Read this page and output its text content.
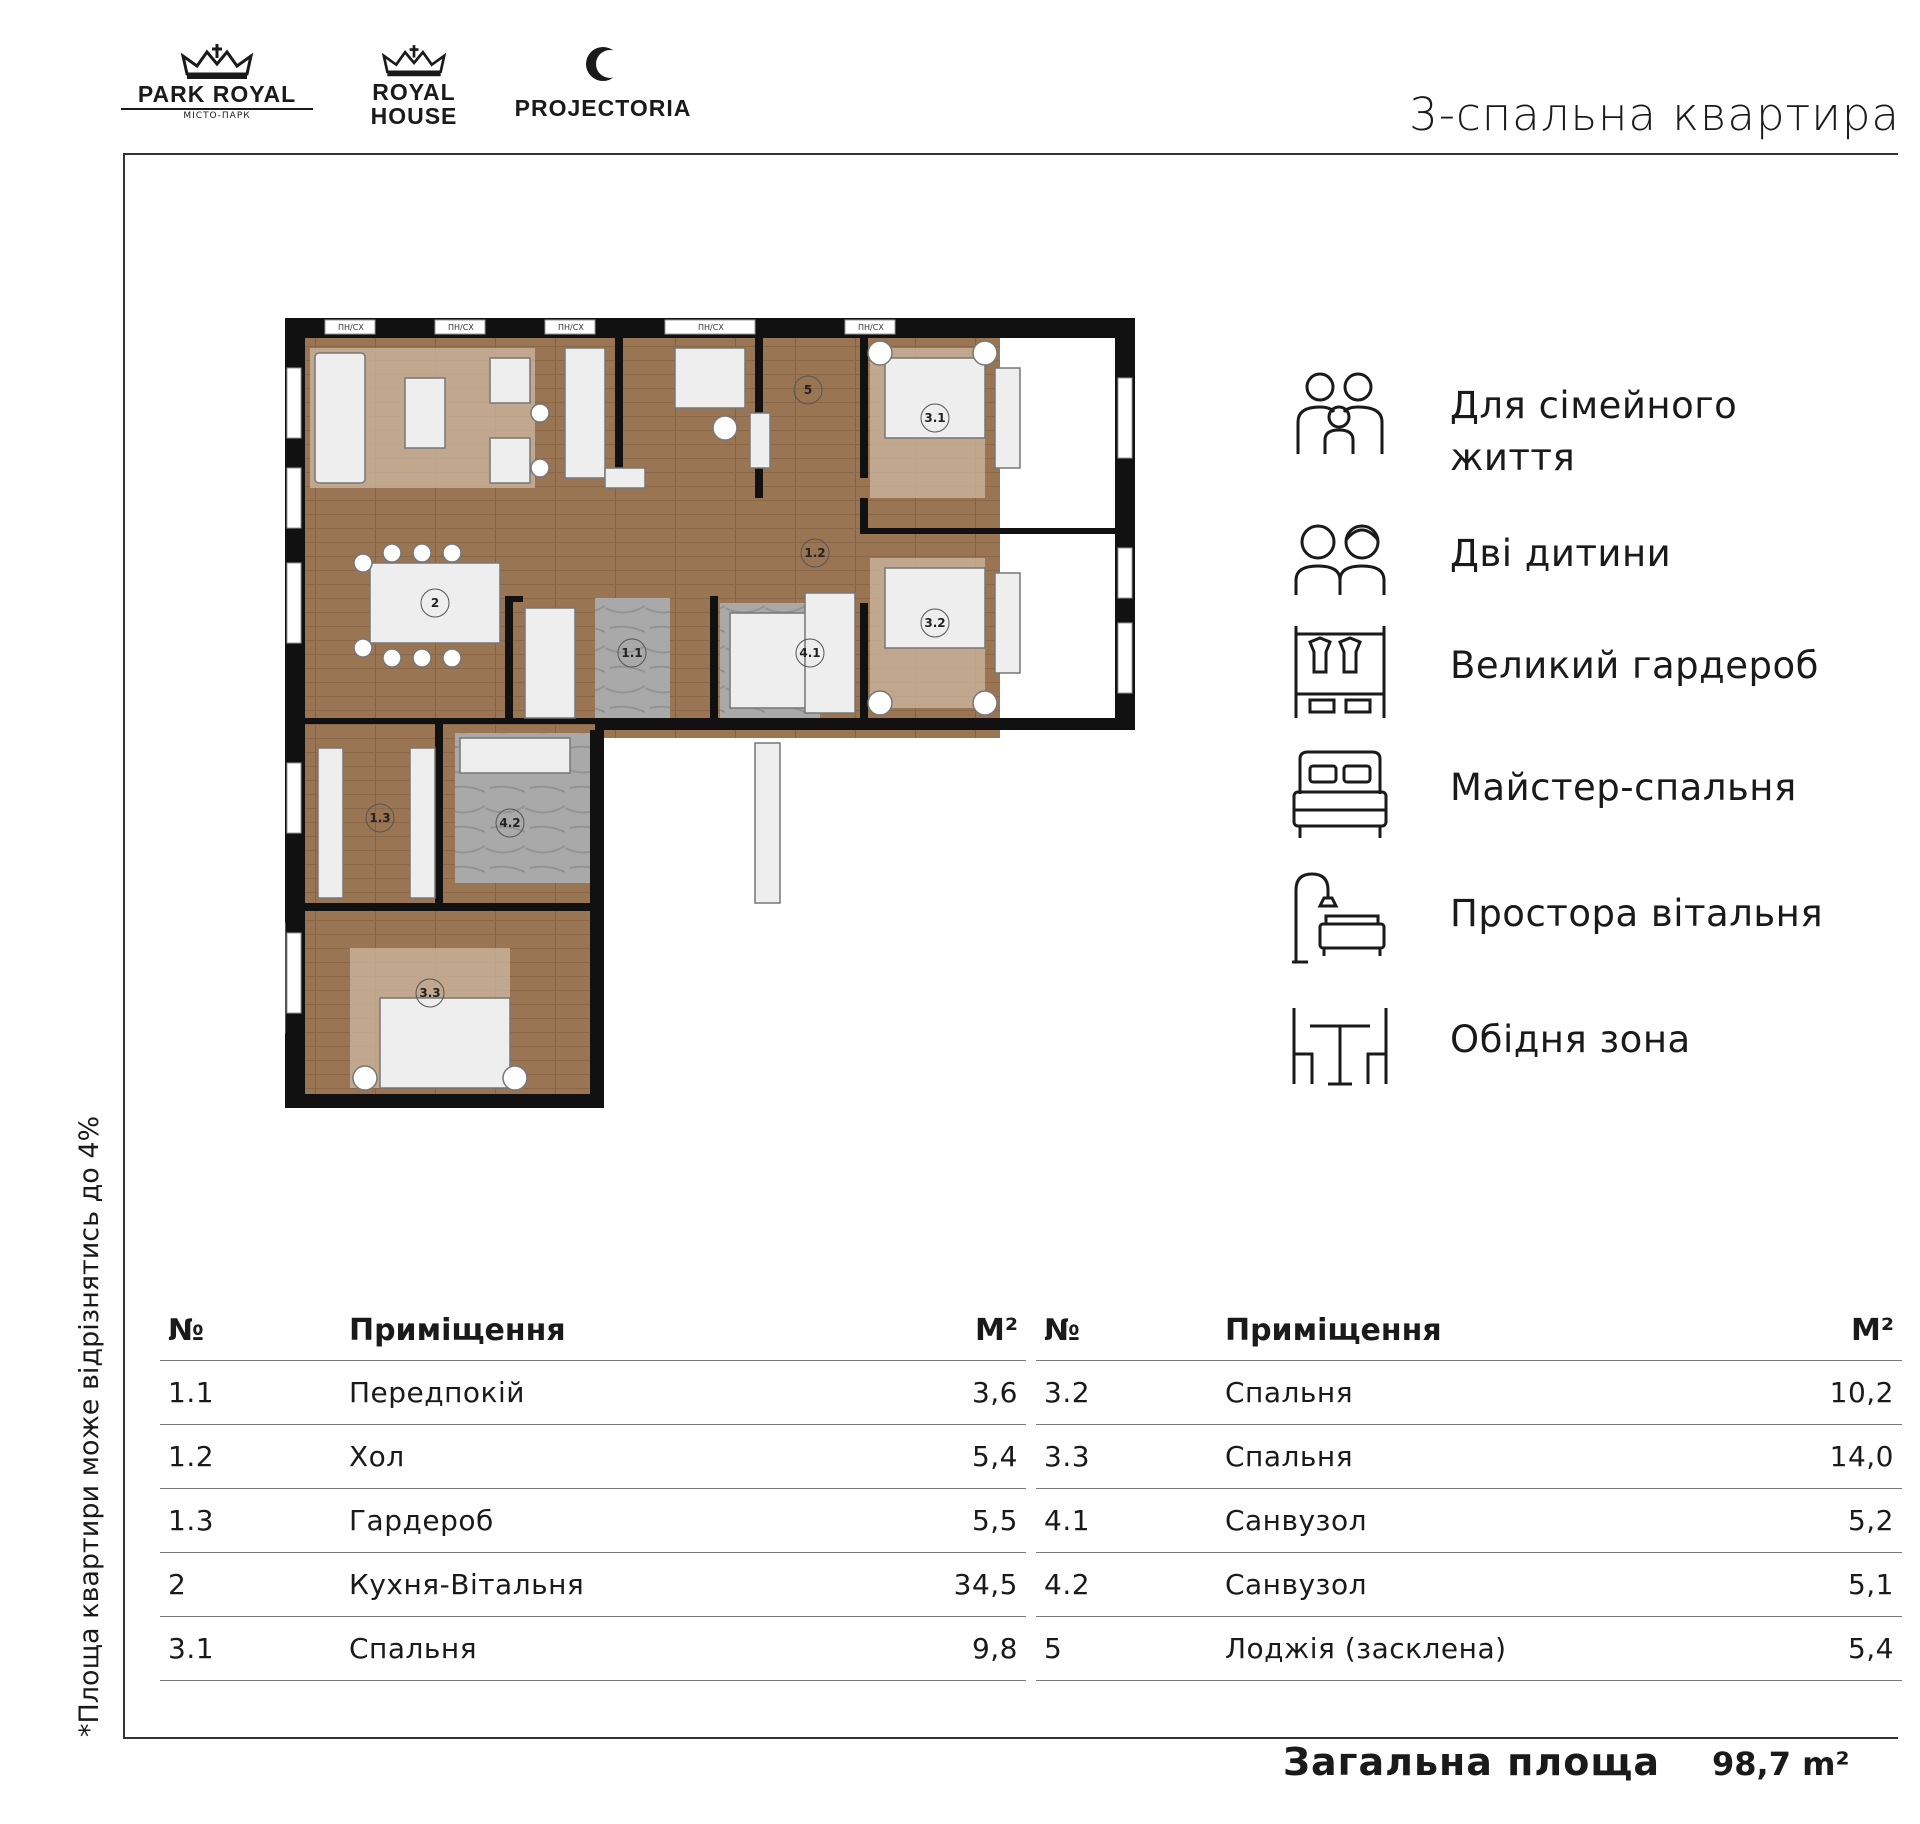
PARK ROYAL
МІСТО-ПАРК
ROYAL
HOUSE	PROJECTORIA	3-спальна квартира
*Площа квартири може відрізнятись до 4%
ПН/СХ	ПН/СХ	ПН/СХ	ПН/СХ	ПН/СХ
1.1
1.2
1.3
2
3.1
3.2
3.3
4.1
4.2
5	Для сімейного
життя
Дві дитини
Великий гардероб
Майстер-спальня
Простора вітальня
Обідня зона
№	Приміщення	М²
1.1	Передпокій	3,6
1.2	Хол	5,4
1.3	Гардероб	5,5
2	Кухня-Вітальня	34,5
3.1	Спальня	9,8
№	Приміщення	М²
3.2	Спальня	10,2
3.3	Спальня	14,0
4.1	Санвузол	5,2
4.2	Санвузол	5,1
5	Лоджія (засклена)	5,4
Загальна площа 98,7 m²
